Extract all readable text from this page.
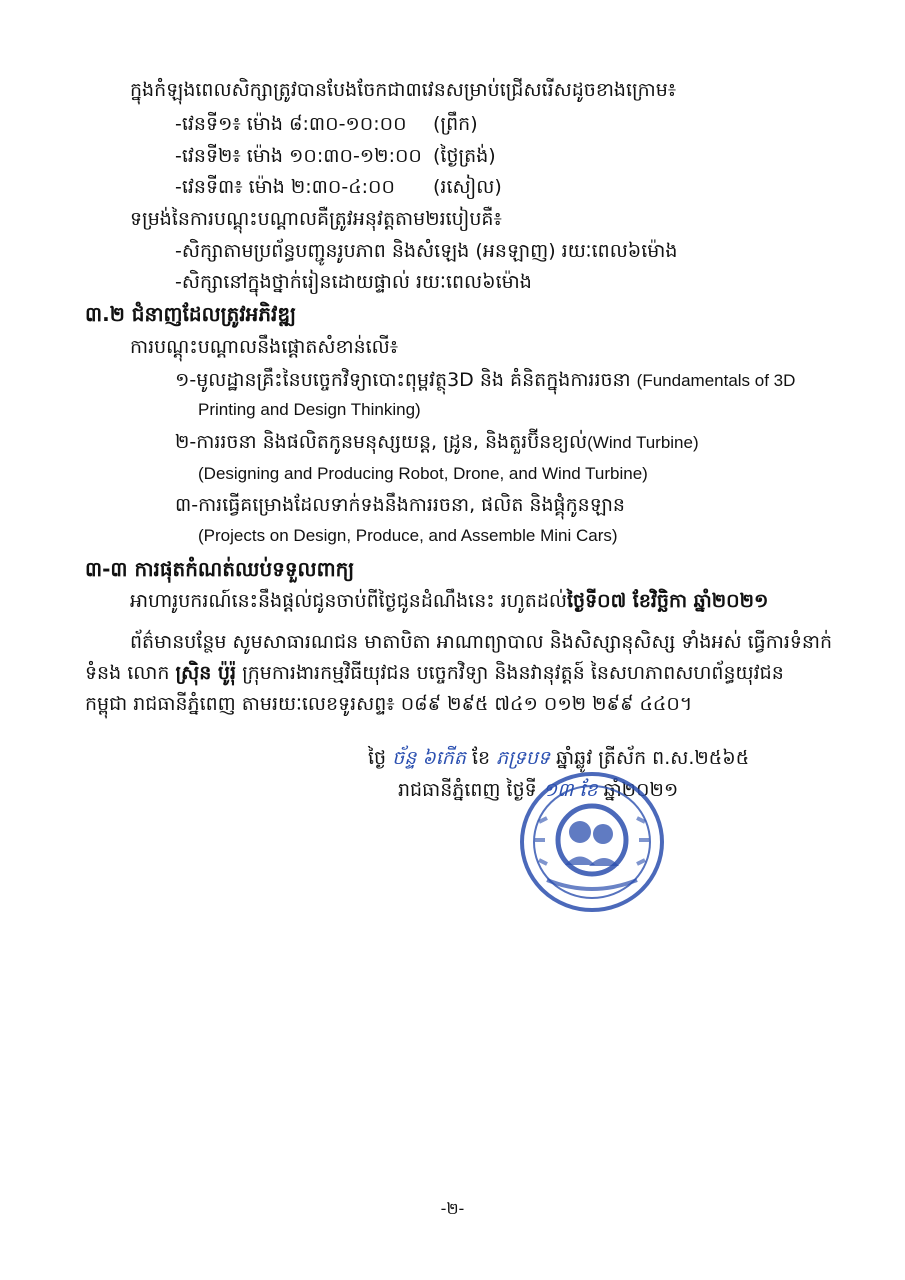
ក្នុងកំឡុងពេលសិក្សាត្រូវបានបែងចែកជា៣វេនសម្រាប់ជ្រើសរើសដូចខាងក្រោម៖
-វេនទី១៖ ម៉ោង ៨:៣០-១០:០០ (ព្រឹក)
-វេនទី២៖ ម៉ោង ១០:៣០-១២:០០ (ថ្ងៃត្រង់)
-វេនទី៣៖ ម៉ោង ២:៣០-៤:០០ (រសៀល)
ទម្រង់នៃការបណ្តុះបណ្តាលគឺត្រូវអនុវត្តតាម២របៀបគឺ៖
-សិក្សាតាមប្រព័ន្ធបញ្ជូនរូបភាព និងសំឡេង (អនឡាញ) រយៈពេល៦ម៉ោង
-សិក្សានៅក្នុងថ្នាក់រៀនដោយផ្ទាល់ រយៈពេល៦ម៉ោង
៣.២ ជំនាញដែលត្រូវអភិវឌ្ឍ
ការបណ្តុះបណ្តាលនឹងផ្តោតសំខាន់លើ៖
១-មូលដ្ឋានគ្រឹះនៃបច្ចេកវិទ្យាបោះពុម្ពវត្ថុ3D និង គំនិតក្នុងការរចនា (Fundamentals of 3D
Printing and Design Thinking)
២-ការរចនា និងផលិតកូនមនុស្សយន្ត, ដ្រូន, និងតួរប៊ីនខ្យល់(Wind Turbine)
(Designing and Producing Robot, Drone, and Wind Turbine)
៣-ការធ្វើគម្រោងដែលទាក់ទងនឹងការរចនា, ផលិត និងផ្គុំកូនឡាន
(Projects on Design, Produce, and Assemble Mini Cars)
៣-៣ ការផុតកំណត់ឈប់ទទួលពាក្យ
អាហារូបករណ៍នេះនឹងផ្តល់ជូនចាប់ពីថ្ងៃជូនដំណឹងនេះ រហូតដល់ថ្ងៃទី០៧ ខែវិច្ឆិកា ឆ្នាំ២០២១
ព័ត៌មានបន្ថែម សូមសាធារណជន មាតាបិតា អាណាព្យាបាល និងសិស្សានុសិស្ស ទាំងអស់ ធ្វើការទំនាក់
ទំនង លោក ស៊្រិន ប៉ូរ៉ុ ក្រុមការងារកម្មវិធីយុវជន បច្ចេកវិទ្យា និងនវានុវត្តន៍ នៃសហភាពសហព័ន្ធយុវជន
កម្ពុជា រាជធានីភ្នំពេញ តាមរយៈលេខទូរសព្ទ៖ ០៨៩ ២៩៥ ៧៤១ ០១២ ២៩៩ ៤៤០។
ថ្ងៃ ច័ន្ទ ៦កើត ខែ ភទ្របទ ឆ្នាំឆ្លូវ ត្រីស័ក ព.ស.២៥៦៥
រាជធានីភ្នំពេញ ថ្ងៃទី ១៣ ខែ ឆ្នាំ២០២១
-២-
